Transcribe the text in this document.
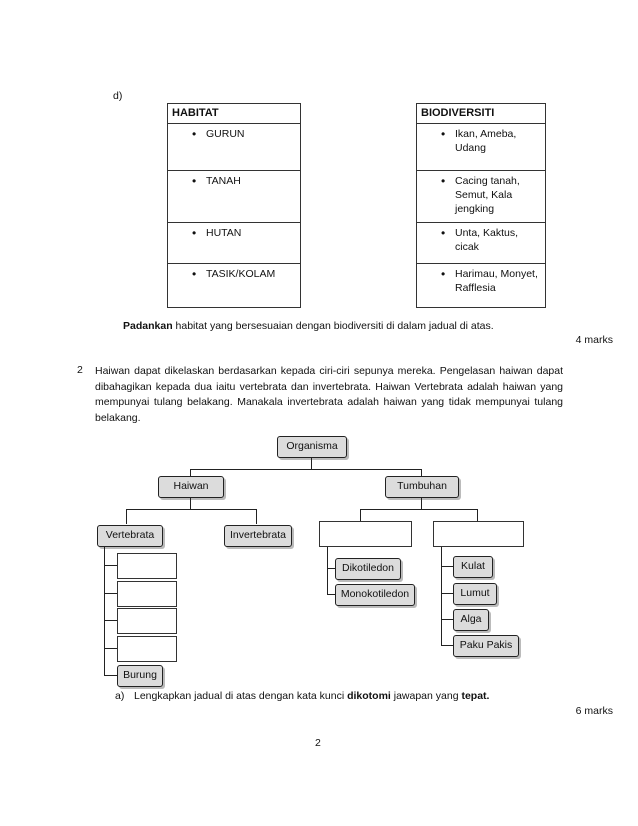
d)
HABITAT

• GURUN

• TANAH

• HUTAN

• TASIK/KOLAM
BIODIVERSITI

• Ikan, Ameba, Udang

• Cacing tanah, Semut, Kala jengking

• Unta, Kaktus, cicak

• Harimau, Monyet, Rafflesia
Padankan habitat yang bersesuaian dengan biodiversiti di dalam jadual di atas.
4 marks
2 Haiwan dapat dikelaskan berdasarkan kepada ciri-ciri sepunya mereka. Pengelasan haiwan dapat dibahagikan kepada dua iaitu vertebrata dan invertebrata. Haiwan Vertebrata adalah haiwan yang mempunyai tulang belakang. Manakala invertebrata adalah haiwan yang tidak mempunyai tulang belakang.
Organisma
Haiwan	Tumbuhan
Vertebrata	Invertebrata
Burung
Dikotiledon
Monokotiledon
Kulat
Lumut
Alga
Paku Pakis
a) Lengkapkan jadual di atas dengan kata kunci dikotomi jawapan yang tepat.
6 marks
2
